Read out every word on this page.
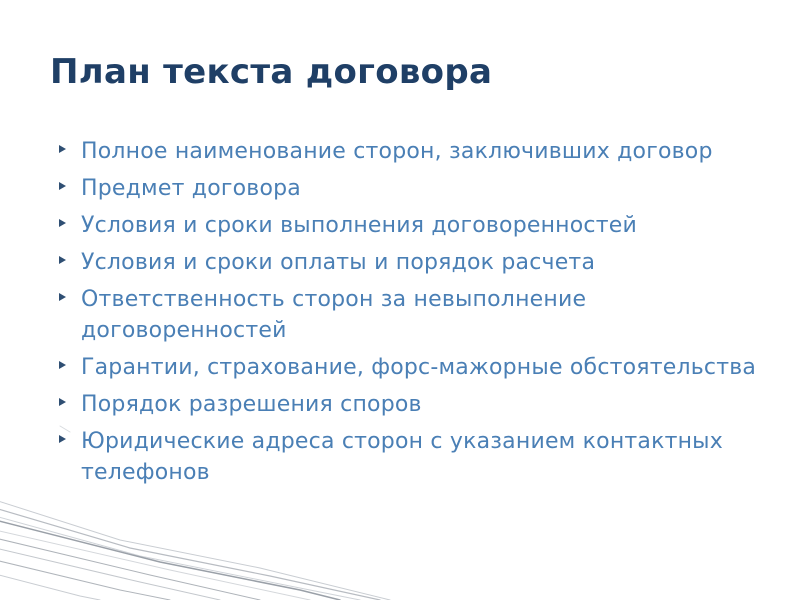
План текста договора
Полное наименование сторон, заключивших договор
Предмет договора
Условия и сроки выполнения договоренностей
Условия и сроки оплаты и порядок расчета
Ответственность сторон за невыполнение договоренностей
Гарантии, страхование, форс-мажорные обстоятельства
Порядок разрешения споров
Юридические адреса сторон с указанием контактных телефонов
